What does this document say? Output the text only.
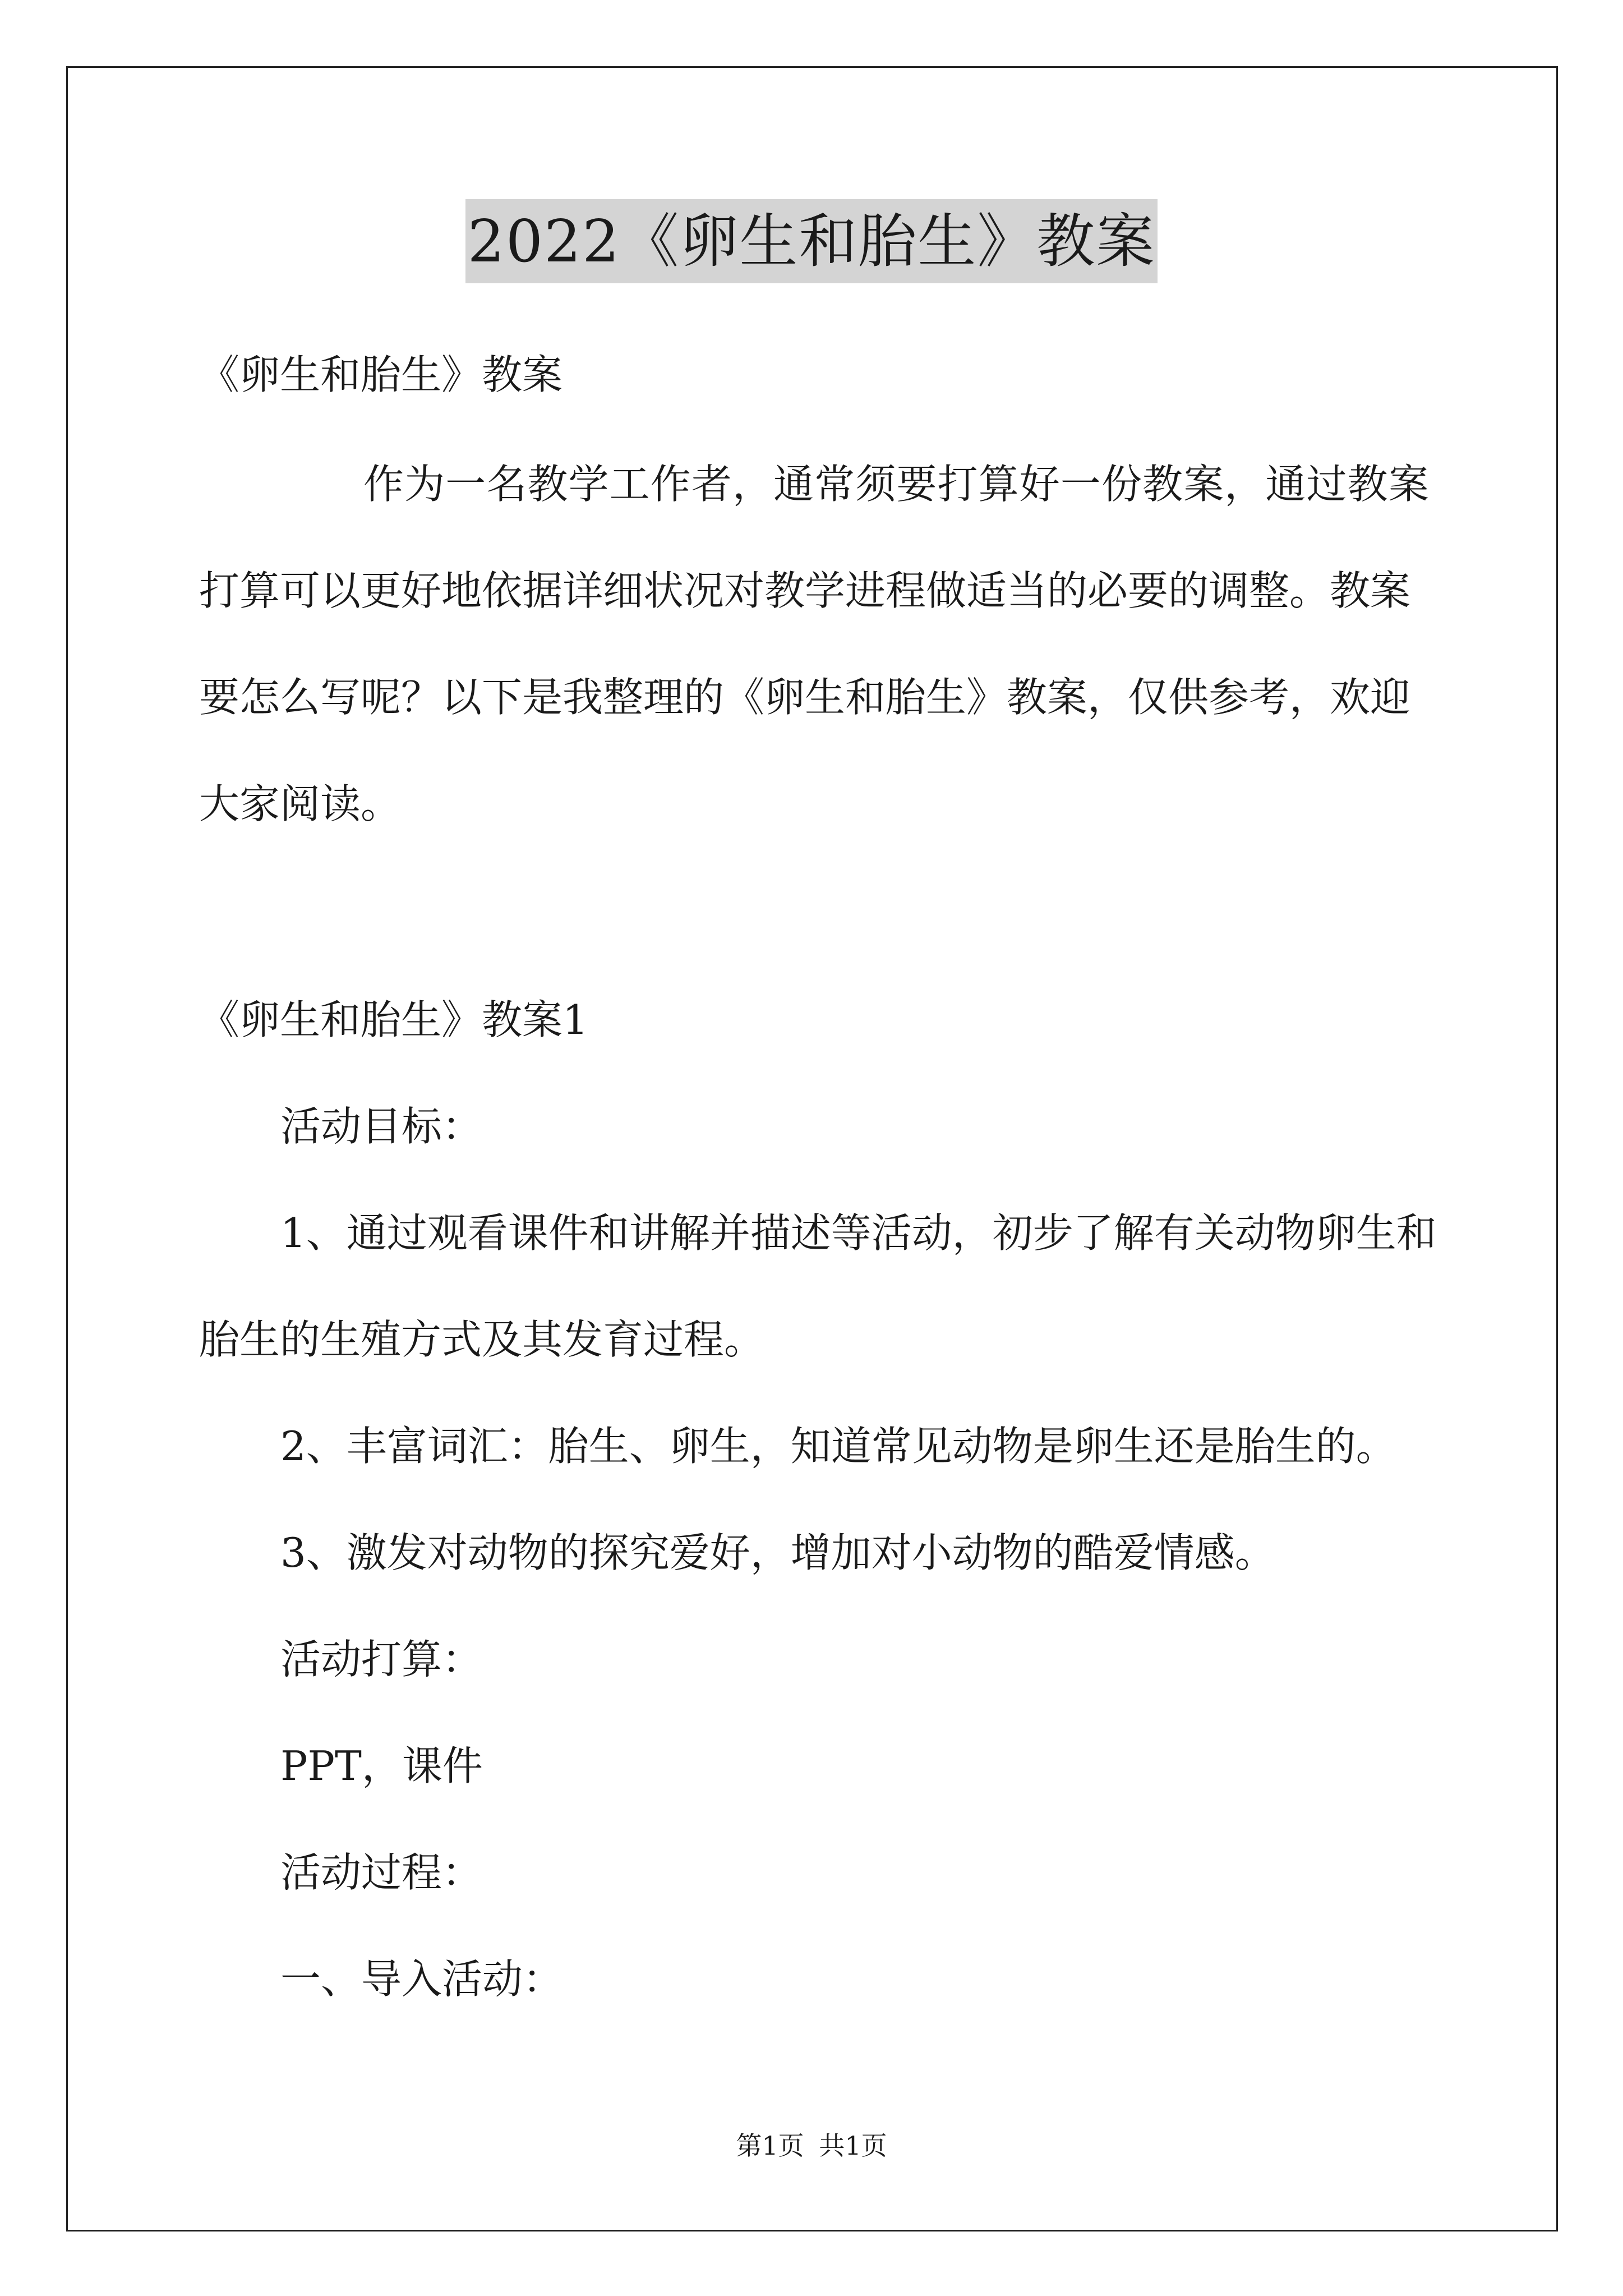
2022《卵生和胎生》教案
《卵生和胎生》教案
作 为 一 名 教 学 工 作 者 ， 通 常 须 要 打 算 好 一 份 教 案 ， 通 过 教 案
打算可以更好地依据详细状况对教学进程做适当的必要的调整。教案
要怎么写呢？以下是我整理的《卵生和胎生》教案，仅供参考，欢迎
大家阅读。
《卵生和胎生》教案1
活动目标：
1、通过观看课件和讲解并描述等活动，初步了解有关动物卵生和
胎生的生殖方式及其发育过程。
2、丰富词汇：胎生、卵生，知道常见动物是卵生还是胎生的。
3、激发对动物的探究爱好，增加对小动物的酷爱情感。
活动打算：
PPT，课件
活动过程：
一、导入活动：
第1页 共1页
